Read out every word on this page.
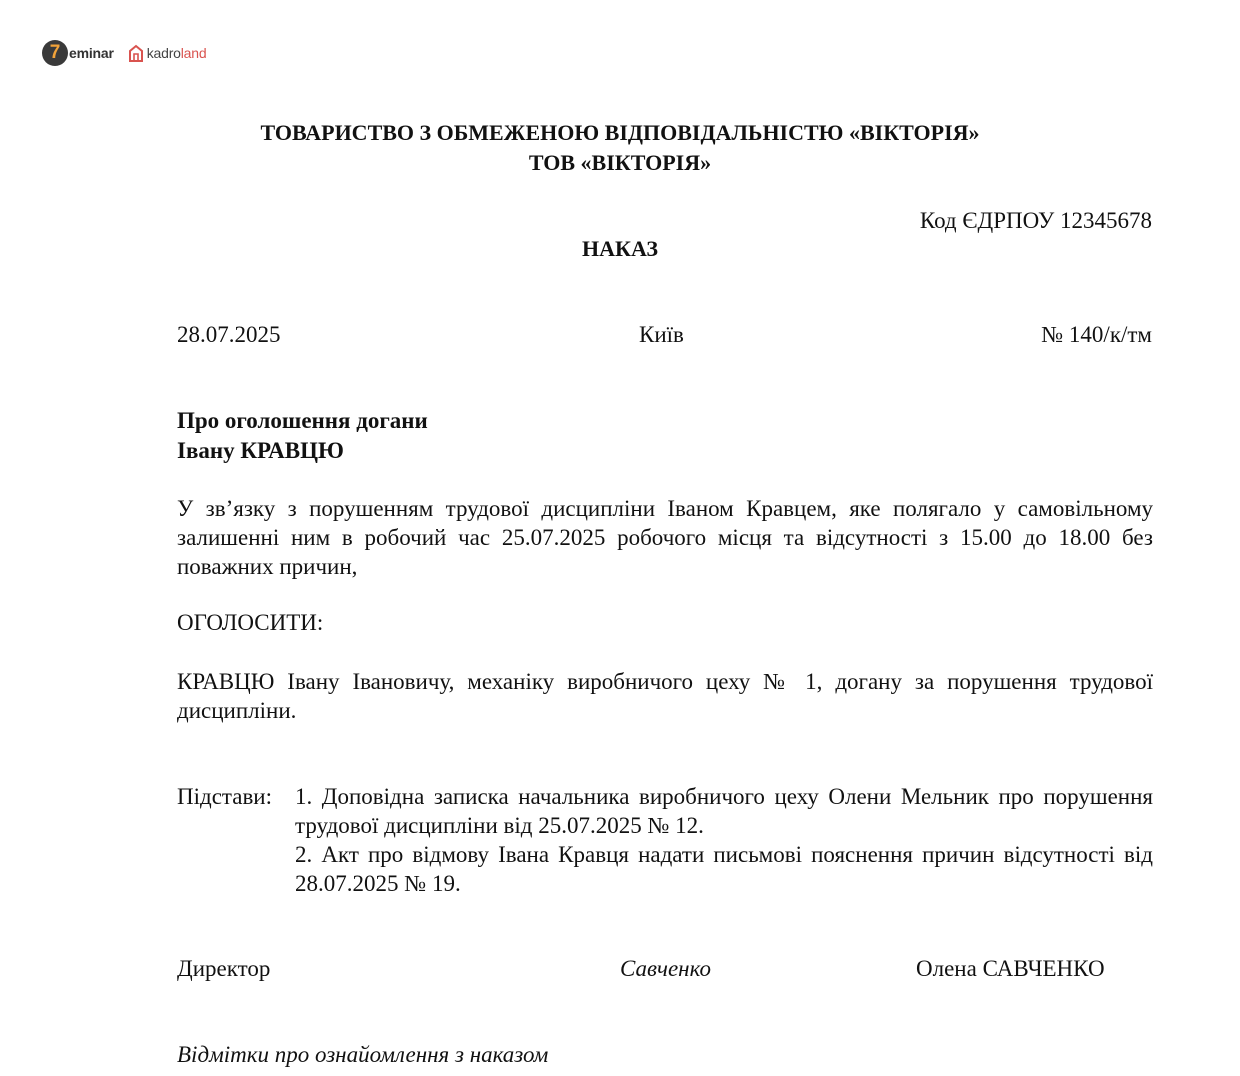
7 eminar kadro land
ТОВАРИСТВО З ОБМЕЖЕНОЮ ВІДПОВІДАЛЬНІСТЮ «ВІКТОРІЯ»
ТОВ «ВІКТОРІЯ»
Код ЄДРПОУ 12345678
НАКАЗ
28.07.2025	Київ	№ 140/к/тм
Про оголошення догани
Івану КРАВЦЮ
У зв’язку з порушенням трудової дисципліни Іваном Кравцем, яке полягало у самовільному залишенні ним в робочий час 25.07.2025 робочого місця та відсутності з 15.00 до 18.00 без поважних причин,
ОГОЛОСИТИ:
КРАВЦЮ Івану Івановичу, механіку виробничого цеху № 1, догану за порушення трудової дисципліни.
Підстави: 1. Доповідна записка начальника виробничого цеху Олени Мельник про порушення трудової дисципліни від 25.07.2025 № 12.
2. Акт про відмову Івана Кравця надати письмові пояснення причин відсутності від 28.07.2025 № 19.
Директор	Савченко	Олена САВЧЕНКО
Відмітки про ознайомлення з наказом
